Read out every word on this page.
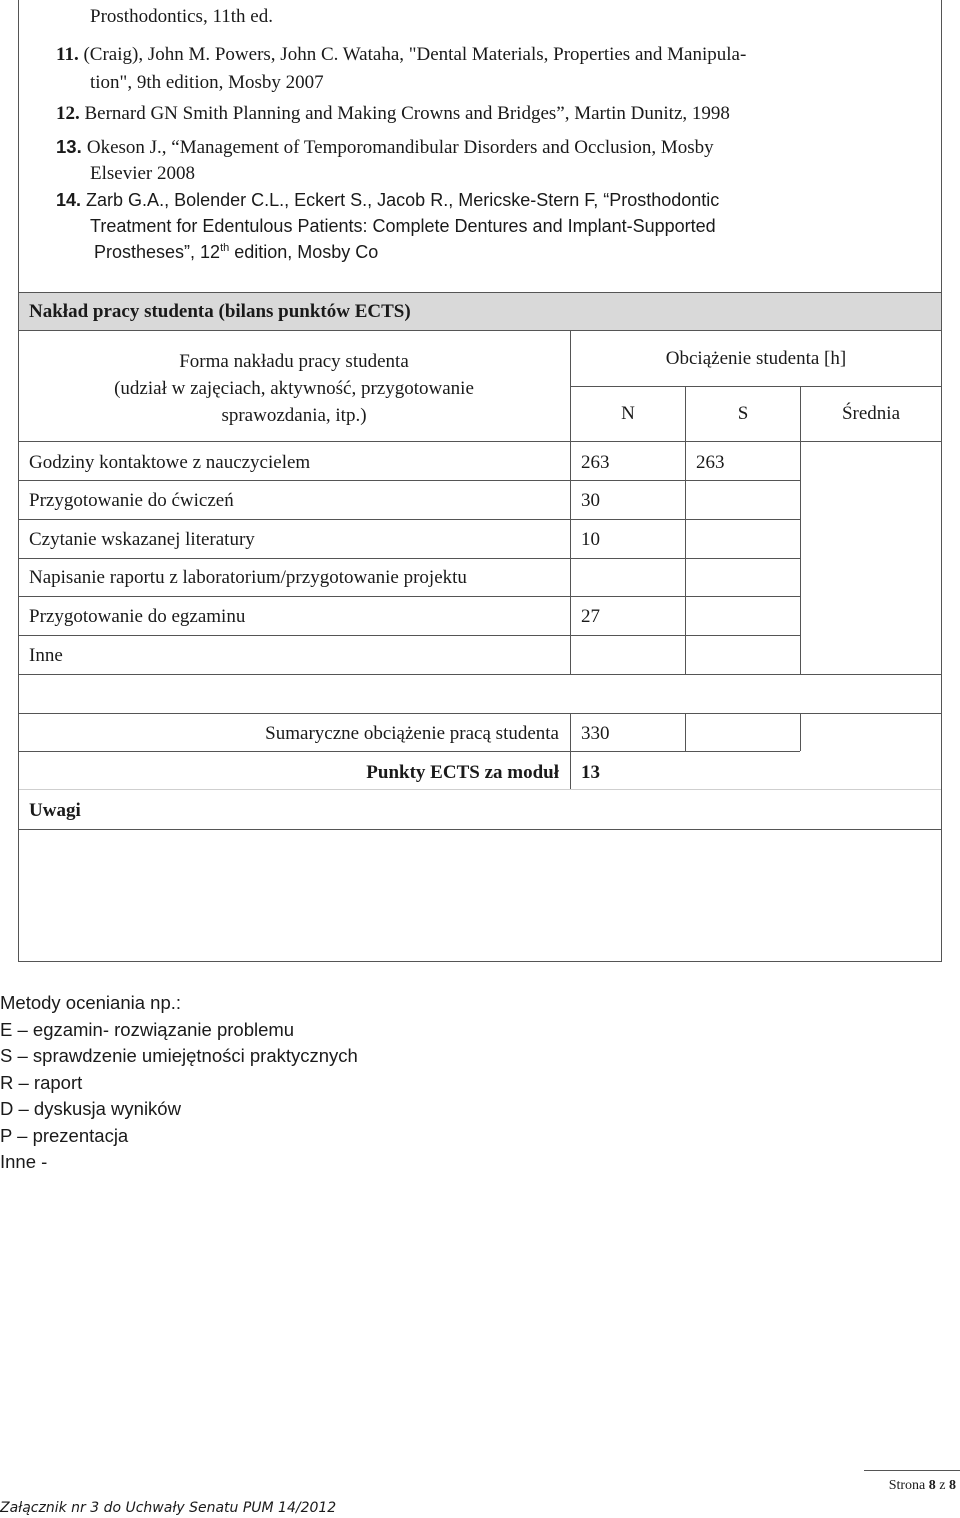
Prosthodontics, 11th ed.
11. (Craig), John M. Powers, John C. Wataha, "Dental Materials, Properties and Manipula-
tion", 9th edition, Mosby 2007
12. Bernard GN Smith Planning and Making Crowns and Bridges”, Martin Dunitz, 1998
13. Okeson J., “Management of Temporomandibular Disorders and Occlusion, Mosby
Elsevier 2008
14. Zarb G.A., Bolender C.L., Eckert S., Jacob R., Mericske-Stern F, “Prosthodontic
Treatment for Edentulous Patients: Complete Dentures and Implant-Supported
Prostheses”, 12th edition, Mosby Co
Nakład pracy studenta (bilans punktów ECTS)
Forma nakładu pracy studenta
(udział w zajęciach, aktywność, przygotowanie
sprawozdania, itp.)
Obciążenie studenta [h]
N	S	Średnia
Godziny kontaktowe z nauczycielem	263	263
Przygotowanie do ćwiczeń	30
Czytanie wskazanej literatury	10
Napisanie raportu z laboratorium/przygotowanie projektu
Przygotowanie do egzaminu	27
Inne
Sumaryczne obciążenie pracą studenta 330
Punkty ECTS za moduł 13
Uwagi
Metody oceniania np.:
E – egzamin- rozwiązanie problemu
S – sprawdzenie umiejętności praktycznych
R – raport
D – dyskusja wyników
P – prezentacja
Inne -
Strona 8 z 8
Załącznik nr 3 do Uchwały Senatu PUM 14/2012
